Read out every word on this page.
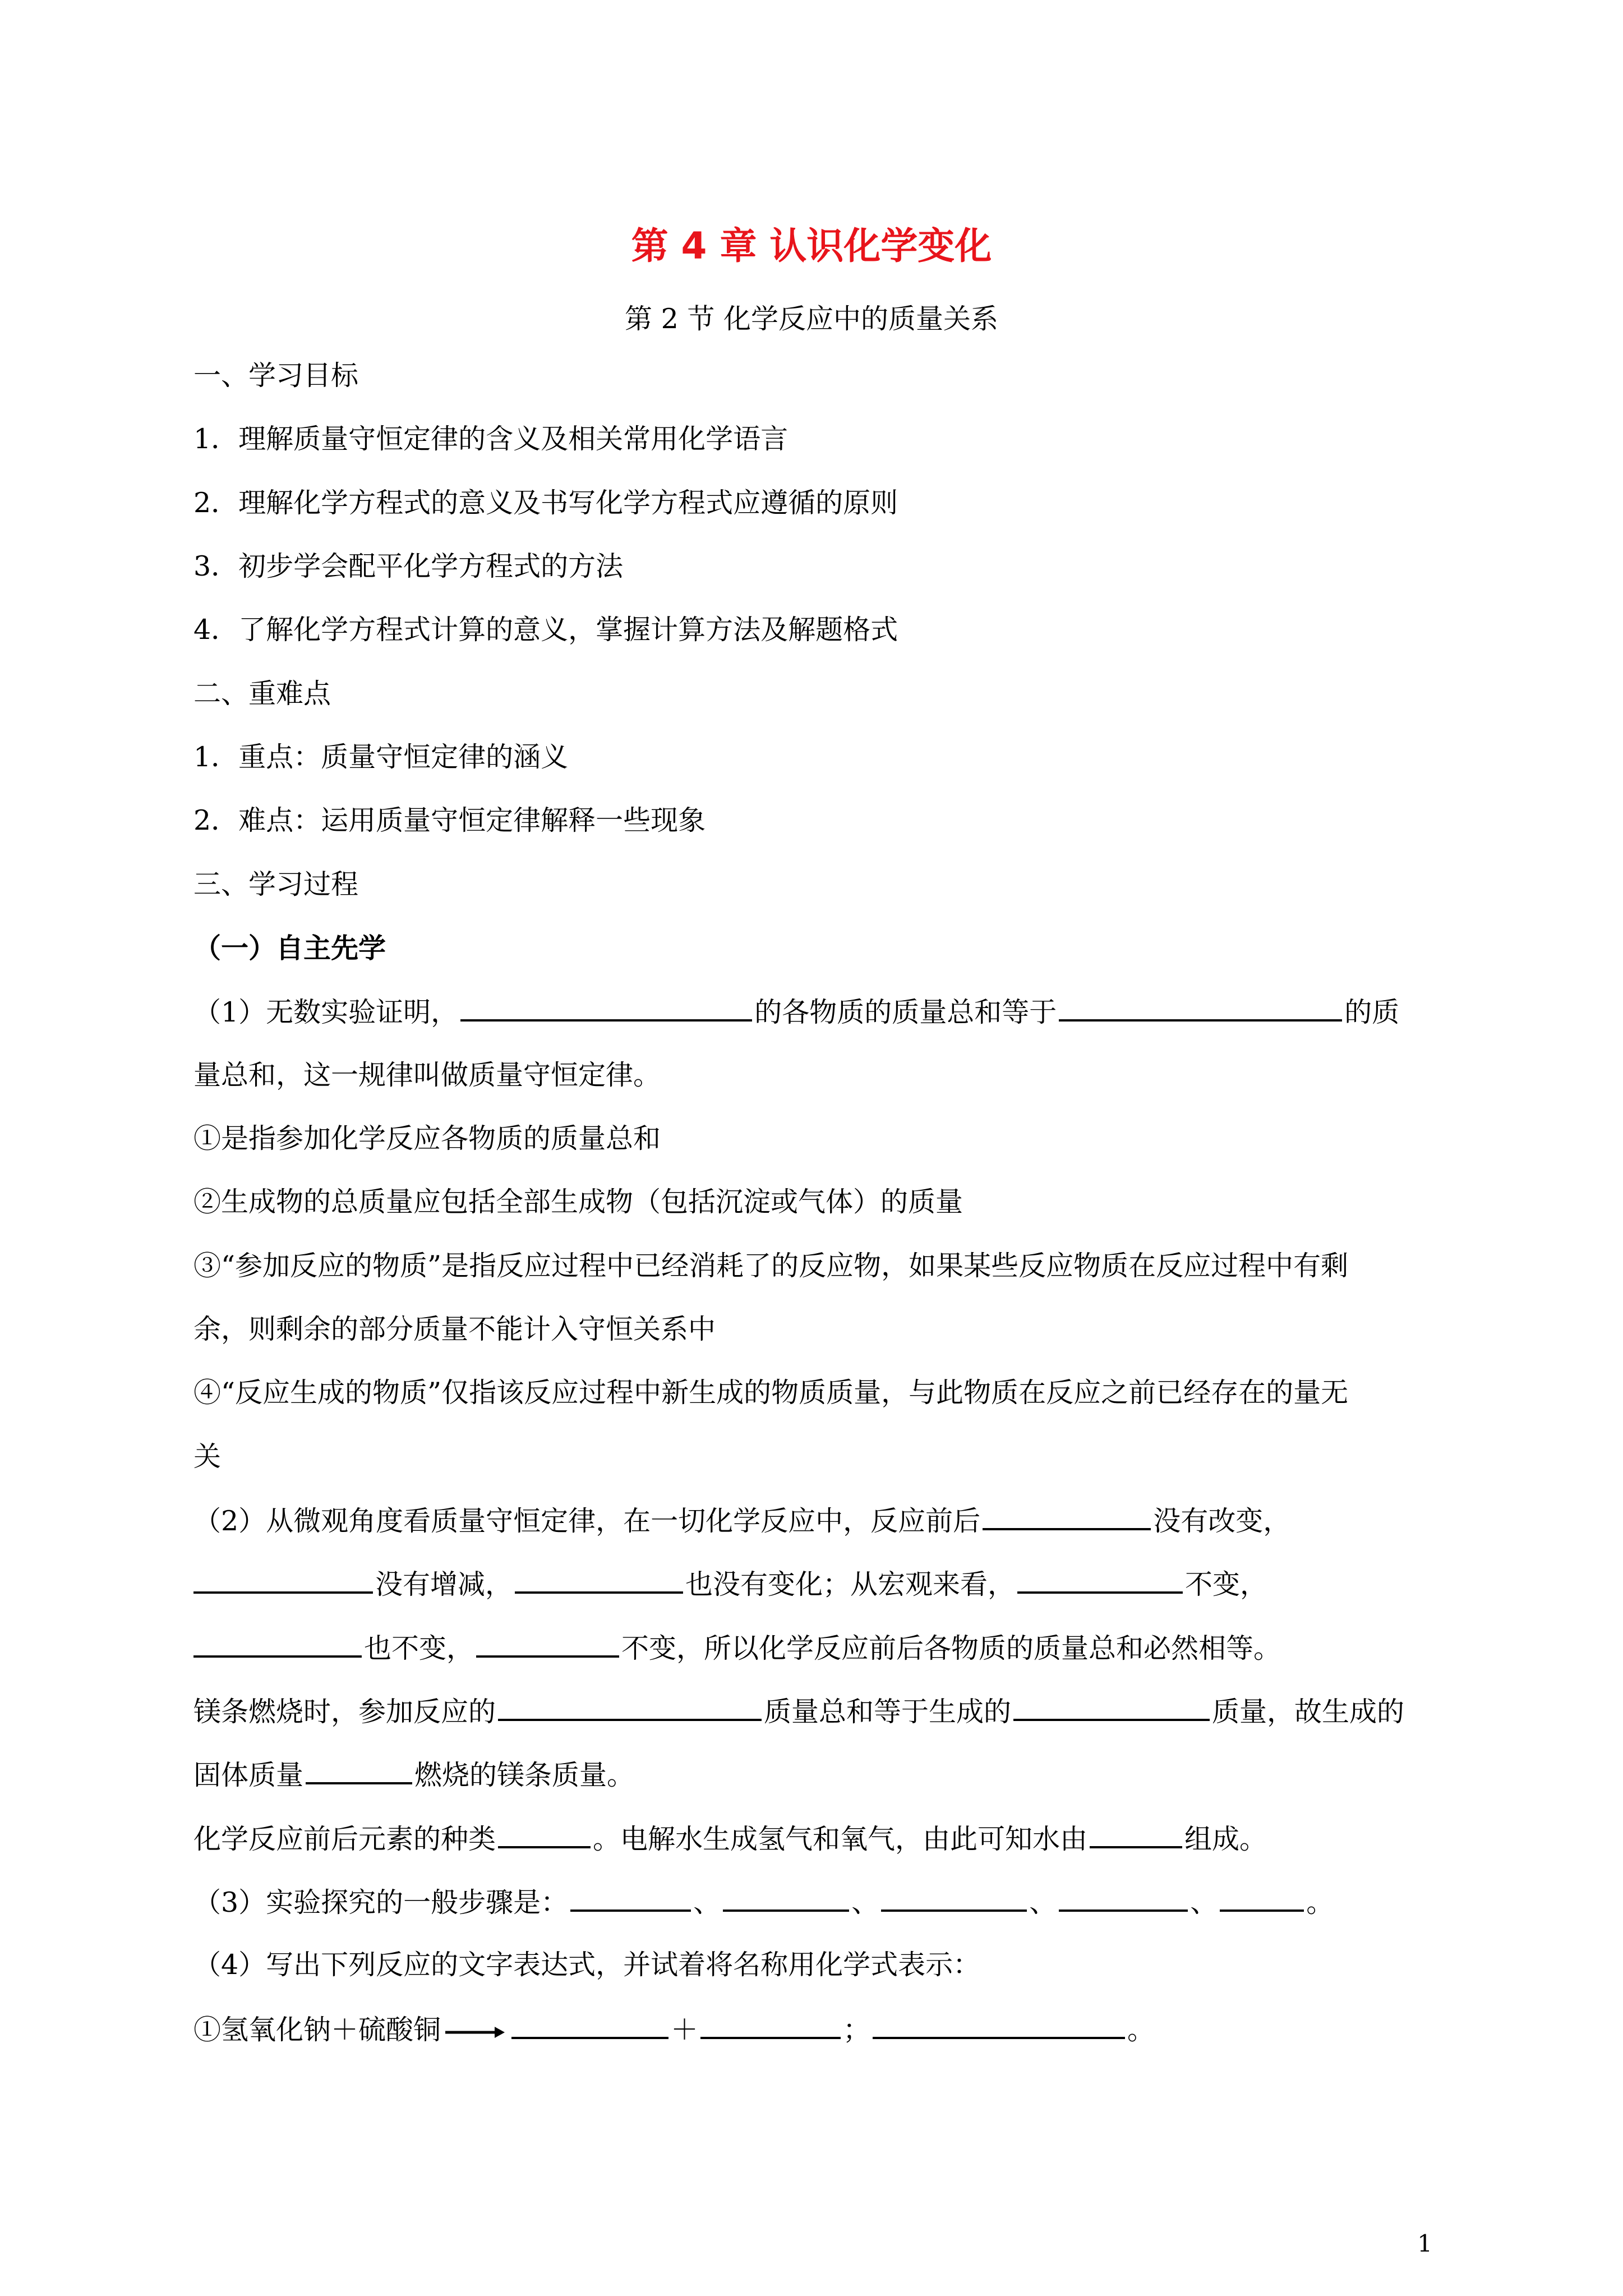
第 4 章 认识化学变化
第 2 节 化学反应中的质量关系
一、学习目标
1．理解质量守恒定律的含义及相关常用化学语言
2．理解化学方程式的意义及书写化学方程式应遵循的原则
3．初步学会配平化学方程式的方法
4．了解化学方程式计算的意义，掌握计算方法及解题格式
二、重难点
1．重点：质量守恒定律的涵义
2．难点：运用质量守恒定律解释一些现象
三、学习过程
（一）自主先学
（1）无数实验证明，	的各物质的质量总和等于	的质
量总和，这一规律叫做质量守恒定律。
①是指参加化学反应各物质的质量总和
②生成物的总质量应包括全部生成物（包括沉淀或气体）的质量
③“参加反应的物质”是指反应过程中已经消耗了的反应物，如果某些反应物质在反应过程中有剩
余，则剩余的部分质量不能计入守恒关系中
④“反应生成的物质”仅指该反应过程中新生成的物质质量，与此物质在反应之前已经存在的量无
关
（2）从微观角度看质量守恒定律，在一切化学反应中，反应前后	没有改变，
没有增减，	也没有变化；从宏观来看，	不变，
也不变，	不变，所以化学反应前后各物质的质量总和必然相等。
镁条燃烧时，参加反应的	质量总和等于生成的	质量，故生成的
固体质量	燃烧的镁条质量。
化学反应前后元素的种类	。电解水生成氢气和氧气，由此可知水由	组成。
（3）实验探究的一般步骤是：	、	、	、	、	。
（4）写出下列反应的文字表达式，并试着将名称用化学式表示：
①氢氧化钠＋硫酸铜 →	＋	；	。
1
